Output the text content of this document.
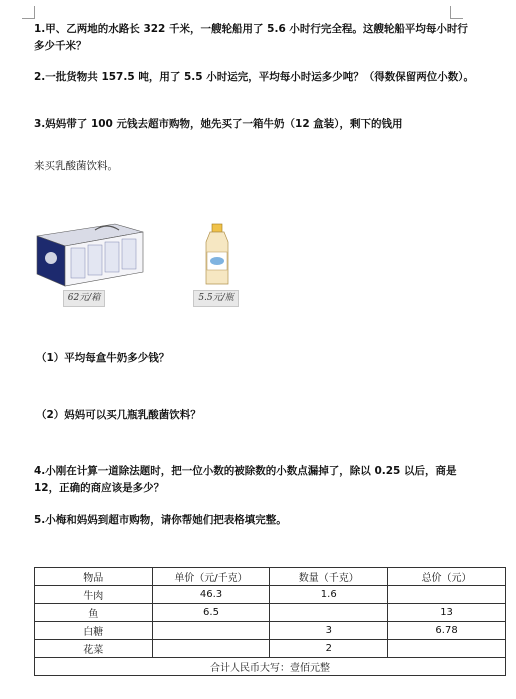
1.甲、乙两地的水路长 322 千米，一艘轮船用了 5.6 小时行完全程。这艘轮船平均每小时行多少千米？
2.一批货物共 157.5 吨，用了 5.5 小时运完，平均每小时运多少吨？（得数保留两位小数）。
3.妈妈带了 100 元钱去超市购物，她先买了一箱牛奶（12 盒装），剩下的钱用
来买乳酸菌饮料。
62元/箱	5.5元/瓶
（1）平均每盒牛奶多少钱？
（2）妈妈可以买几瓶乳酸菌饮料？
4.小刚在计算一道除法题时，把一位小数的被除数的小数点漏掉了，除以 0.25 以后，商是 12，正确的商应该是多少？
5.小梅和妈妈到超市购物，请你帮她们把表格填完整。
物品	单价（元/千克）	数量（千克）	总价（元）
牛肉	46.3	1.6	
鱼	6.5		13
白糖		3	6.78
花菜		2	
合计人民币大写：壹佰元整			
